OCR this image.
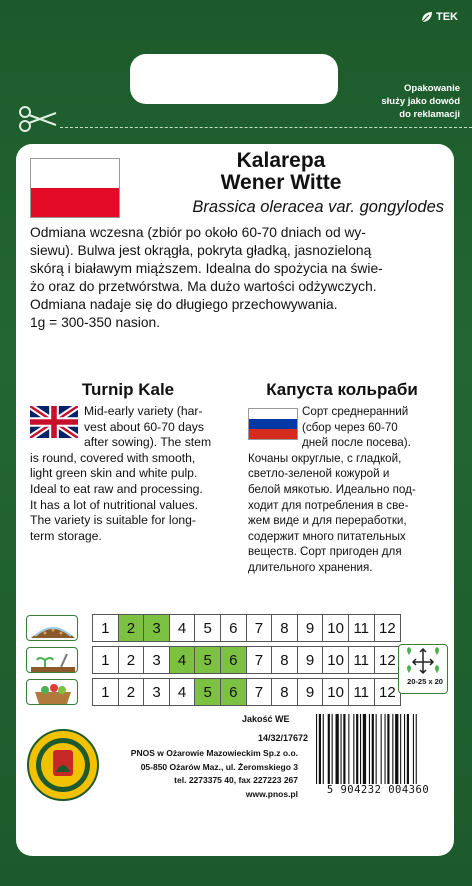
TEK
Opakowanie
służy jako dowód
do reklamacji
Kalarepa
Wener Witte
Brassica oleracea var. gongylodes
Odmiana wczesna (zbiór po około 60-70 dniach od wy-
siewu). Bulwa jest okrągła, pokryta gładką, jasnozieloną
skórą i białawym miąższem. Idealna do spożycia na świe-
żo oraz do przetwórstwa. Ma dużo wartości odżywczych.
Odmiana nadaje się do długiego przechowywania.
1g = 300-350 nasion.
Turnip Kale	Капуста кольраби
Mid-early variety (har-
vest about 60-70 days
after sowing). The stem
is round, covered with smooth,
light green skin and white pulp.
Ideal to eat raw and processing.
It has a lot of nutritional values.
The variety is suitable for long-
term storage.
Сорт среднеранний
(сбор через 60-70
дней после посева).
Кочаны округлые, с гладкой,
светло-зеленой кожурой и
белой мякотью. Идеально под-
ходит для потребления в све-
жем виде и для переработки,
содержит много питательных
веществ. Сорт пригоден для
длительного хранения.
1	2	3	4	5	6	7	8	9 10 11 12
1	2	3	4	5	6	7	8	9 10 11 12
1	2	3	4	5	6	7	8	9 10 11 12
20-25 x 20
Jakość WE
14/32/17672
PNOS w Ożarowie Mazowieckim Sp.z o.o.
05-850 Ożarów Maz., ul. Żeromskiego 3
tel. 2273375 40, fax 227223 267
www.pnos.pl	5 904232 004360
